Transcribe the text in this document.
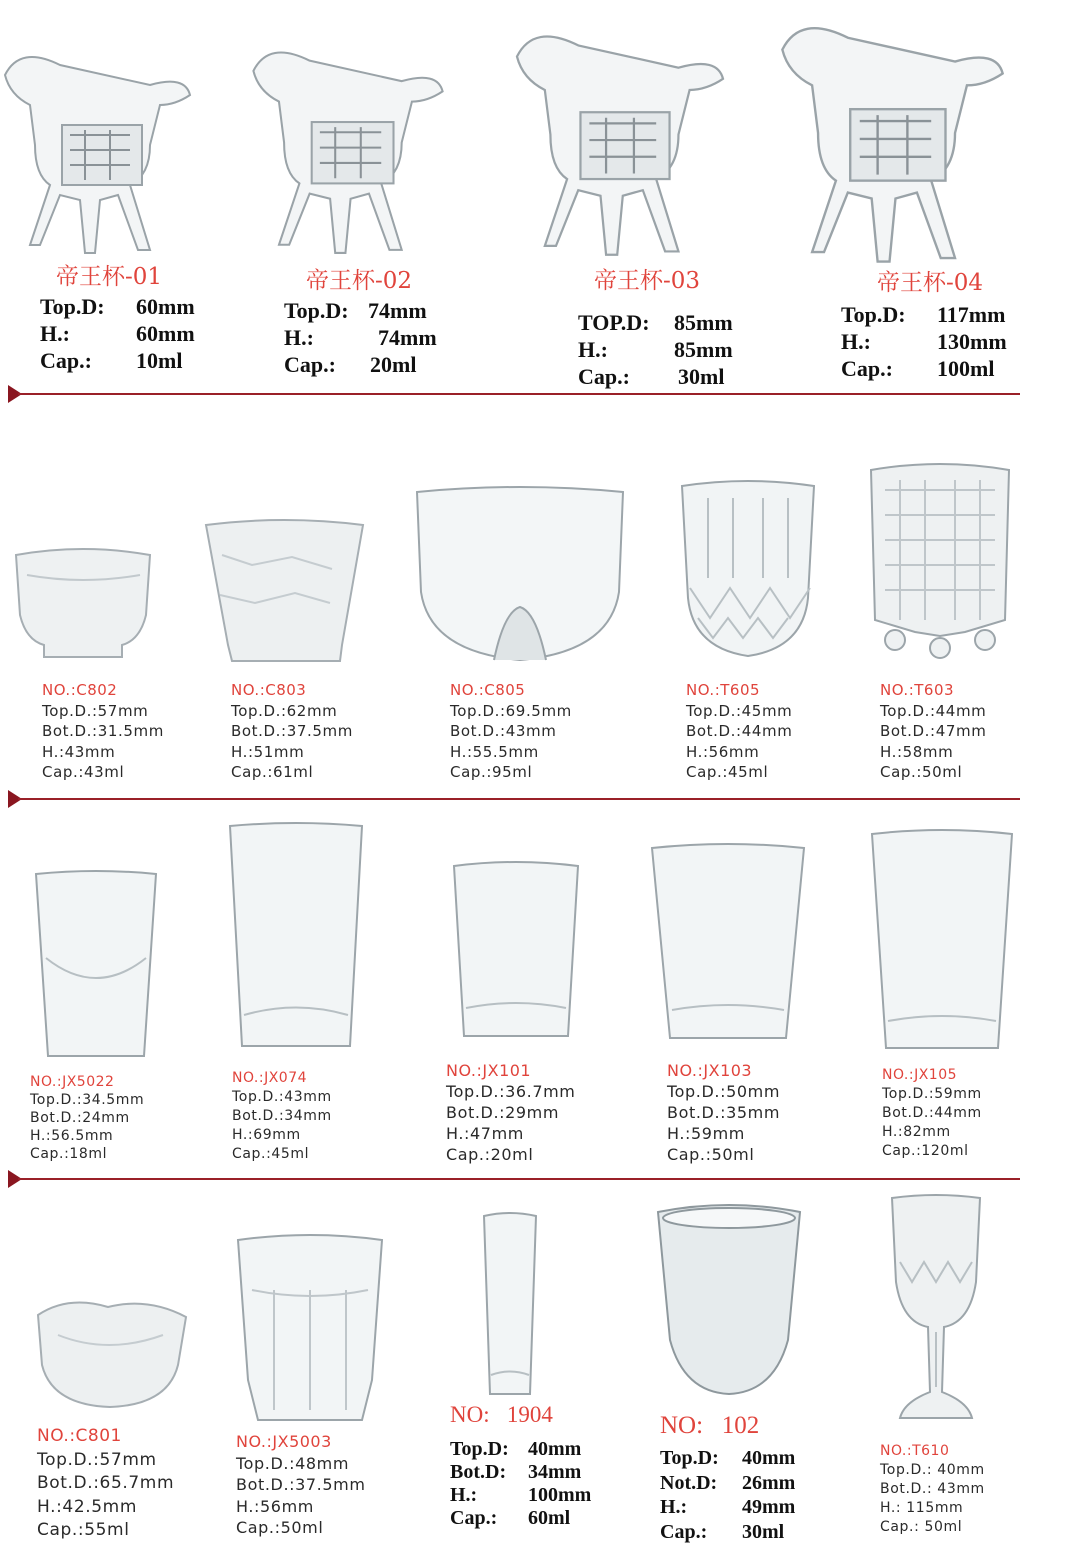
帝王杯-01
Top.D:	60mm
H.:	60mm
Cap.:	10ml
帝王杯-02
Top.D: 74mm
H.:	74mm
Cap.:	20ml
帝王杯-03
TOP.D:	85mm
H.:	85mm
Cap.:	30ml
帝王杯-04
Top.D:	117mm
H.:	130mm
Cap.:	100ml
NO.:C802
Top.D.:57mm
Bot.D.:31.5mm
H.:43mm
Cap.:43ml
NO.:C803
Top.D.:62mm
Bot.D.:37.5mm
H.:51mm
Cap.:61ml
NO.:C805
Top.D.:69.5mm
Bot.D.:43mm
H.:55.5mm
Cap.:95ml
NO.:T605
Top.D.:45mm
Bot.D.:44mm
H.:56mm
Cap.:45ml
NO.:T603
Top.D.:44mm
Bot.D.:47mm
H.:58mm
Cap.:50ml
NO.:JX5022
Top.D.:34.5mm
Bot.D.:24mm
H.:56.5mm
Cap.:18ml
NO.:JX074
Top.D.:43mm
Bot.D.:34mm
H.:69mm
Cap.:45ml
NO.:JX101
Top.D.:36.7mm
Bot.D.:29mm
H.:47mm
Cap.:20ml
NO.:JX103
Top.D.:50mm
Bot.D.:35mm
H.:59mm
Cap.:50ml
NO.:JX105
Top.D.:59mm
Bot.D.:44mm
H.:82mm
Cap.:120ml
NO.:C801
Top.D.:57mm
Bot.D.:65.7mm
H.:42.5mm
Cap.:55ml
NO.:JX5003
Top.D.:48mm
Bot.D.:37.5mm
H.:56mm
Cap.:50ml
NO:   1904
Top.D: 40mm
Bot.D:	34mm
H.:	100mm
Cap.:	60ml
NO:   102
Top.D:	40mm
Not.D:	26mm
H.:	49mm
Cap.:	30ml
NO.:T610
Top.D.: 40mm
Bot.D.: 43mm
H.: 115mm
Cap.: 50ml
